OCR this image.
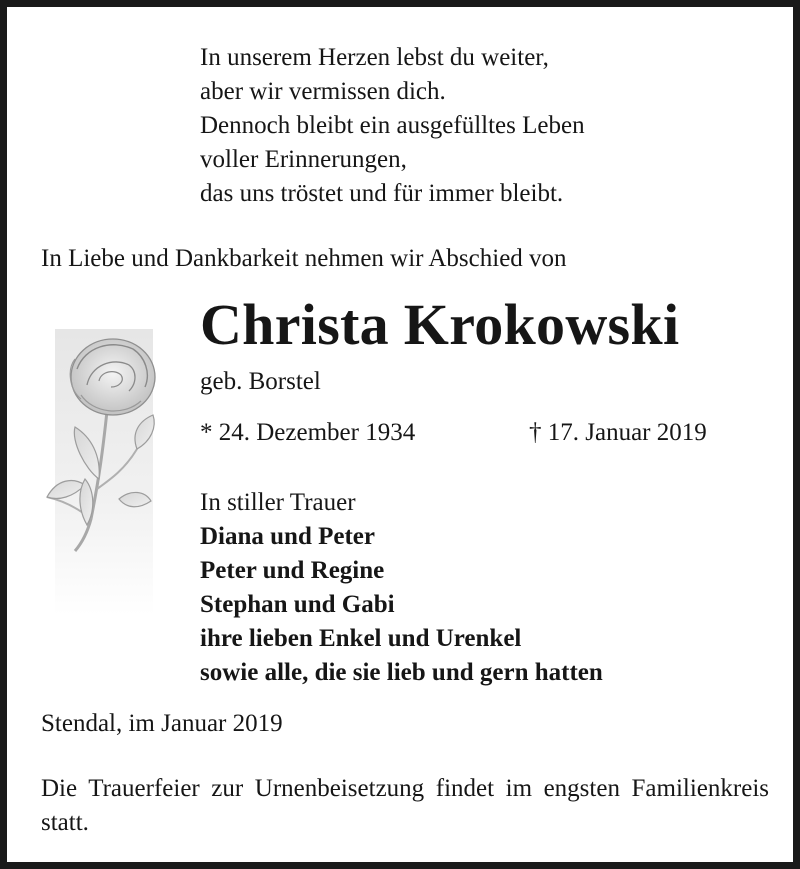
In unserem Herzen lebst du weiter,
aber wir vermissen dich.
Dennoch bleibt ein ausgefülltes Leben
voller Erinnerungen,
das uns tröstet und für immer bleibt.
In Liebe und Dankbarkeit nehmen wir Abschied von
Christa Krokowski
geb. Borstel
* 24. Dezember 1934	† 17. Januar 2019
In stiller Trauer
Diana und Peter
Peter und Regine
Stephan und Gabi
ihre lieben Enkel und Urenkel
sowie alle, die sie lieb und gern hatten
Stendal, im Januar 2019
Die Trauerfeier zur Urnenbeisetzung findet im engsten Familienkreis statt.
